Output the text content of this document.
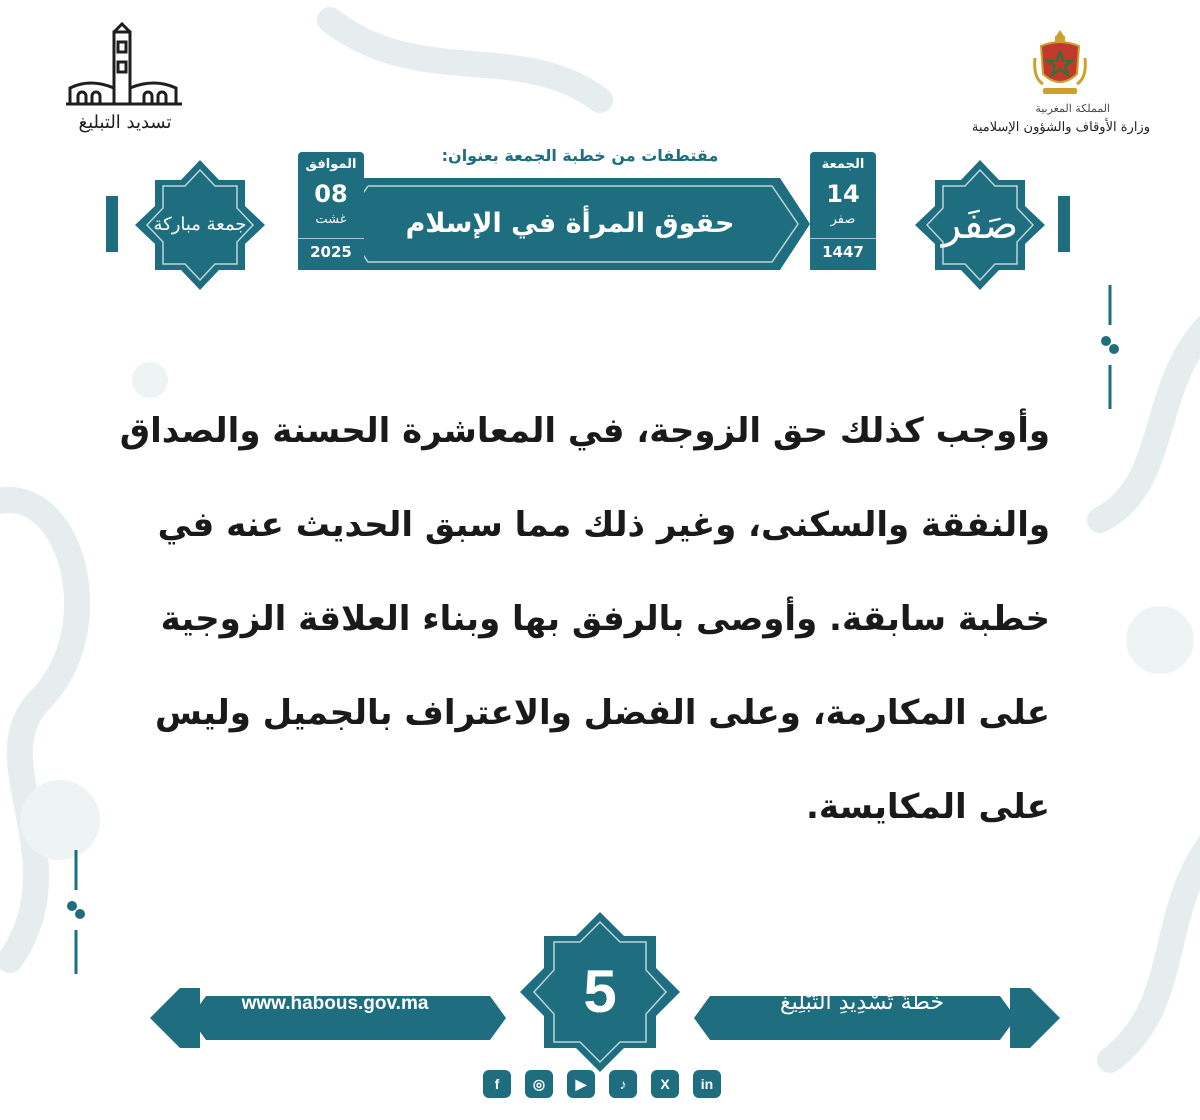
المملكة المغربية
وزارة الأوقاف والشؤون الإسلامية
تسديد التبليغ
مقتطفات من خطبة الجمعة بعنوان:
حقوق المرأة في الإسلام
الجمعة
14
صفر
1447
الموافق
08
غشت
2025
صَفَر
جمعة مباركة
وأوجب كذلك حق الزوجة، في المعاشرة الحسنة والصداق
والنفقة والسكنى، وغير ذلك مما سبق الحديث عنه في
خطبة سابقة. وأوصى بالرفق بها وبناء العلاقة الزوجية
على المكارمة، وعلى الفضل والاعتراف بالجميل وليس
على المكايسة.
www.habous.gov.ma	خُطَّةُ تَسْدِيدِ التَّبْلِيغ
5
f	◎	▶	♪	X	in
